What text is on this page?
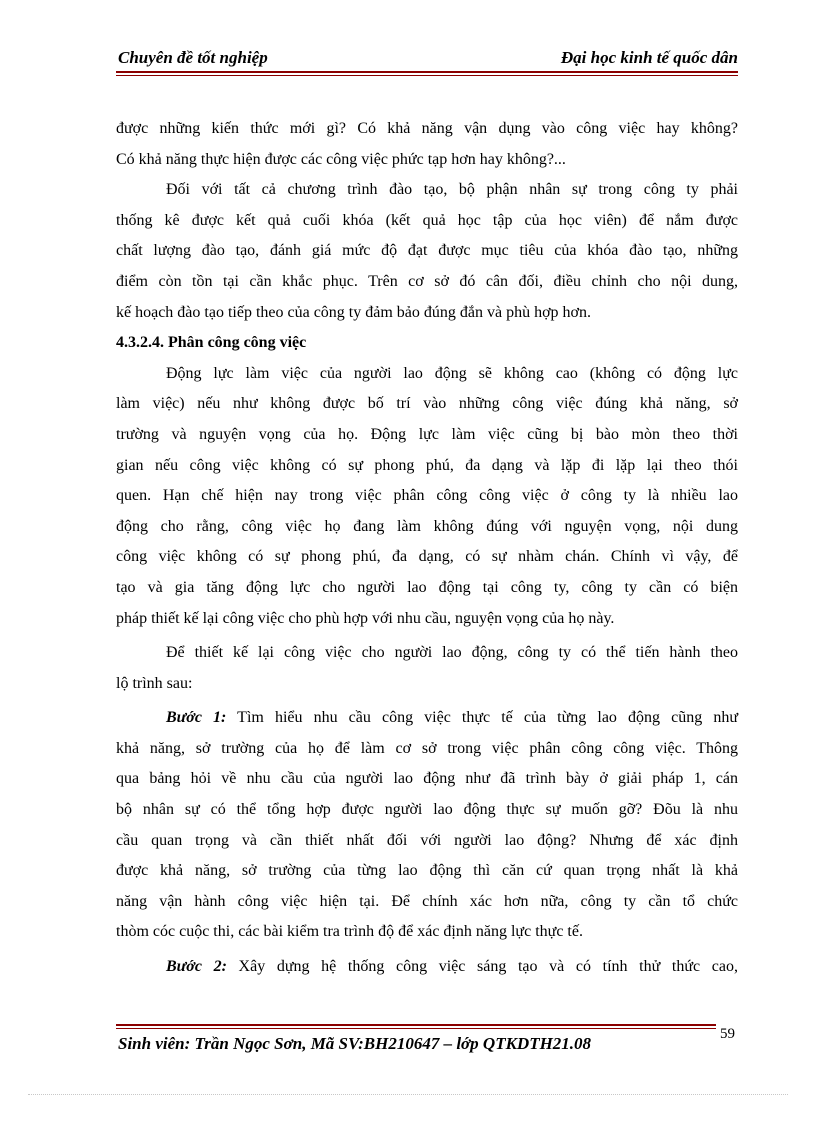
Chuyên đề tốt nghiệp	Đại học kinh tế quốc dân
được những kiến thức mới gì? Có khả năng vận dụng vào công việc hay không?
Có khả năng thực hiện được các công việc phức tạp hơn hay không?...
Đối với tất cả chương trình đào tạo, bộ phận nhân sự trong công ty phải
thống kê được kết quả cuối khóa (kết quả học tập của học viên) để nắm được
chất lượng đào tạo, đánh giá mức độ đạt được mục tiêu của khóa đào tạo, những
điểm còn tồn tại cần khắc phục. Trên cơ sở đó cân đối, điều chỉnh cho nội dung,
kế hoạch đào tạo tiếp theo của công ty đảm bảo đúng đắn và phù hợp hơn.
4.3.2.4. Phân công công việc
Động lực làm việc của người lao động sẽ không cao (không có động lực
làm việc) nếu như không được bố trí vào những công việc đúng khả năng, sở
trường và nguyện vọng của họ. Động lực làm việc cũng bị bào mòn theo thời
gian nếu công việc không có sự phong phú, đa dạng và lặp đi lặp lại theo thói
quen. Hạn chế hiện nay trong việc phân công công việc ở công ty là nhiều lao
động cho rằng, công việc họ đang làm không đúng với nguyện vọng, nội dung
công việc không có sự phong phú, đa dạng, có sự nhàm chán. Chính vì vậy, để
tạo và gia tăng động lực cho người lao động tại công ty, công ty cần có biện
pháp thiết kế lại công việc cho phù hợp với nhu cầu, nguyện vọng của họ này.
Để thiết kế lại công việc cho người lao động, công ty có thể tiến hành theo
lộ trình sau:
Bước 1: Tìm hiểu nhu cầu công việc thực tế của từng lao động cũng như
khả năng, sở trường của họ để làm cơ sở trong việc phân công công việc. Thông
qua bảng hỏi về nhu cầu của người lao động như đã trình bày ở giải pháp 1, cán
bộ nhân sự có thể tổng hợp được người lao động thực sự muốn gỡ? Đõu là nhu
cầu quan trọng và cần thiết nhất đối với người lao động? Nhưng để xác định
được khả năng, sở trường của từng lao động thì căn cứ quan trọng nhất là khả
năng vận hành công việc hiện tại. Để chính xác hơn nữa, công ty cần tổ chức
thòm cóc cuộc thi, các bài kiểm tra trình độ để xác định năng lực thực tế.
Bước 2: Xây dựng hệ thống công việc sáng tạo và có tính thử thức cao,
Sinh viên: Trần Ngọc Sơn, Mã SV:BH210647 – lớp QTKDTH21.08	59
